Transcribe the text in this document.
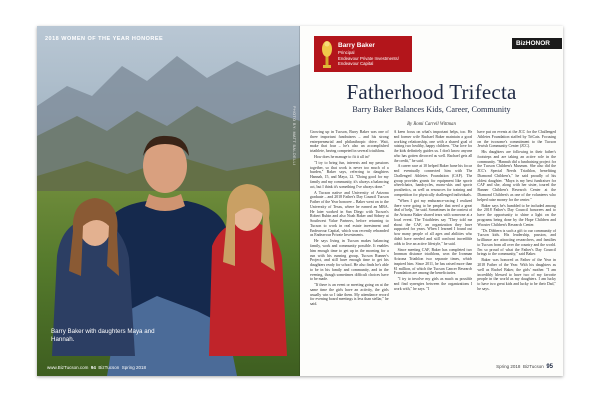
2018 WOMEN OF THE YEAR HONOREE
PHOTO BY: MATT BALDELLI
Barry Baker with daughters Maya and Hannah.
www.BizTucson.com 94 BizTucson Spring 2018
Barry Baker
Principal
Endeavour Private Investments/ Endeavour Capital
BizHONOR
Fatherhood Trifecta
Barry Baker Balances Kids, Career, Community
By Romi Carrell Wittman

Growing up in Tucson, Barry Baker was one of three important fundraisers – and his strong entrepreneurial and philanthropic drive. Wait, make that four – he's also an accomplished triathlete, having competed in several triathlons.

How does he manage to fit it all in?

"I try to bring fun, interests and my passions together, so that work is never too much of a burden," Baker says, referring to daughters Hannah, 15, and Maya, 12. "Doing good for my family and my community, it's always a balancing act, but I think it's something I've always done."

A Tucson native and University of Arizona graduate – and 2018 Father's Day Council Tucson Father of the Year honoree – Baker went on to the University of Texas, where he earned an MBA. He later worked in San Diego with Tucson's Robert Rubin and also Noah Baker and Sidney at Southwest Value Partners, before returning to Tucson to work in real estate investment and Endeavour Capital, which was recently rebranded as Endeavour Private Investments.

He says living in Tucson makes balancing family, work and community possible. It enables him enough time to get up in the morning for a run with his running group, Tucson Runner's Project, and still have enough time to get his daughters ready for school. He also finds he's able to be in his family and community, and in the evening, though sometimes difficult choices have to be made.

"If there is an event or meeting going on at the same time the girls have an activity, the girls usually win so I take them. My attendance record for evening board meetings is less than stellar," he said.

A keen focus on what's important helps, too. He and former wife Rachael Baker maintain a good working relationship, one with a shared goal of raising two healthy, happy children. "Our love for the kids definitely guides us. I don't know anyone who has gotten divorced as well. Rachael gets all the credit," he said.

A career race at 10 helped Baker hone his focus and eventually connected him with The Challenged Athletes Foundation (CAF). The group provides grants for equipment like sports wheelchairs, handcycles, mono-skis and sports prosthetics, as well as resources for training and competition for physically challenged individuals.

"When I got my endurance-racing I realized there were going to be people that need a great deal of help," he said. Sometimes in the context of the Arizona Baker shared tears with someone at a local event. The Triathletes say "They told me about the CAF, an organization they have supported for years. When I learned I found out how many people of all ages and abilities who didn't have needed and still confront incredible odds to live an active lifestyle," he said.

Since meeting CAF, Baker has completed two Ironman distance triathlons, won the Ironman Arizona Triathlon two separate times, which inspired him. Since 2011, he has raised more than $1 million, of which the Tucson Cancer Research Foundation are among the beneficiaries.

"I try to involve my girls as much as possible and find synergies between the organizations I work with," he says. "I

have put on events at the JCC for the Challenged Athletes Foundation staffed by TriCats. Focusing on the twosome's commitment to the Tucson Jewish Community Center (JCC).

His daughters are following in their father's footsteps and are taking an active role in the community. "Hannah did a fundraising project for the Tucson Children's Museum. She also did the JCC's Special Needs Triathlon, benefiting Diamond Children's," he said proudly of his oldest daughter. "Maya is my best fundraiser for CAF and she, along with her sister, toured the Banner Children's Research Center at the Diamond Children's as one of the volunteers who helped raise money for the center."

Baker says he's humbled to be included among the 2018 Father's Day Council honorees and to have the opportunity to shine a light on the programs being done by the Hope Children and Wooster Children's Research Center.

"Dr. Dibbern is such a gift to our community of Tucson kids. His leadership, passion, and brilliance are attracting researchers, and families to Tucson from all over the country and the world. I'm so proud of what the Father's Day Council brings to the community," said Baker.

Baker was honored as Father of the Year in 2018 Father of the Year. With his daughters as well as Rachel Baker, the girls' mother. "I am incredibly blessed to have two of my favorite people in the world as my daughters. I am lucky to have two great kids and lucky to be their Dad," he says.

Spring 2018 BizTucson 95
